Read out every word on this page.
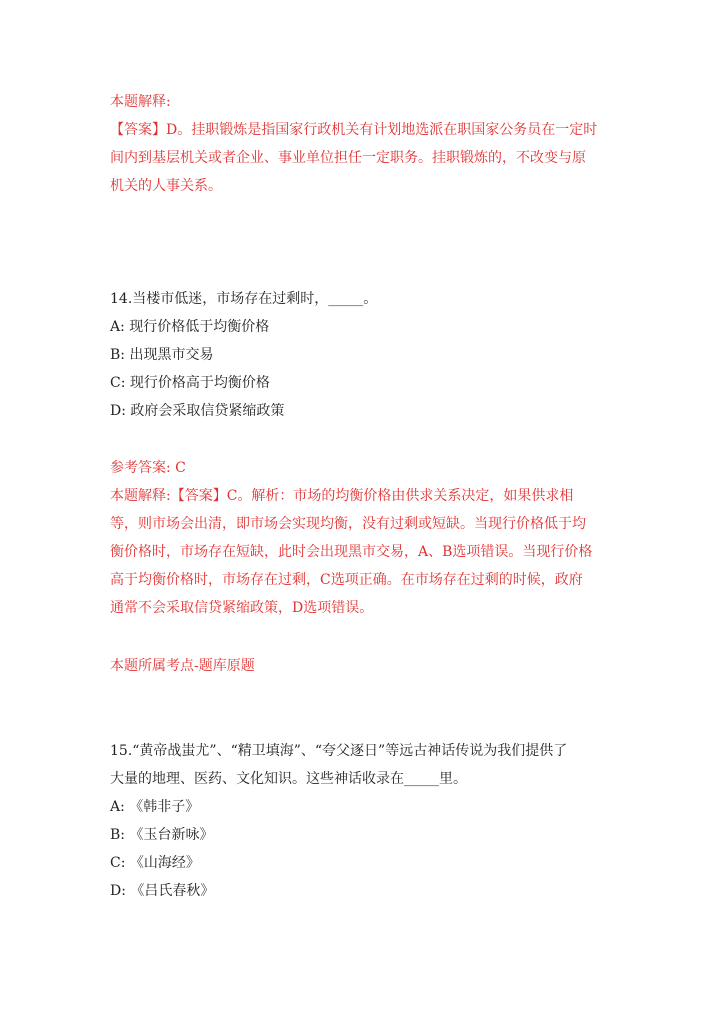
本题解释:
【答案】D。挂职锻炼是指国家行政机关有计划地选派在职国家公务员在一定时
间内到基层机关或者企业、事业单位担任一定职务。挂职锻炼的，不改变与原
机关的人事关系。
14.当楼市低迷，市场存在过剩时，_____。
A: 现行价格低于均衡价格
B: 出现黑市交易
C: 现行价格高于均衡价格
D: 政府会采取信贷紧缩政策
参考答案: C
本题解释:【答案】C。解析：市场的均衡价格由供求关系决定，如果供求相
等，则市场会出清，即市场会实现均衡，没有过剩或短缺。当现行价格低于均
衡价格时，市场存在短缺，此时会出现黑市交易，A、B选项错误。当现行价格
高于均衡价格时，市场存在过剩，C选项正确。在市场存在过剩的时候，政府
通常不会采取信贷紧缩政策，D选项错误。
本题所属考点-题库原题
15.“黄帝战蚩尤”、“精卫填海”、“夸父逐日”等远古神话传说为我们提供了
大量的地理、医药、文化知识。这些神话收录在_____里。
A: 《韩非子》
B: 《玉台新咏》
C: 《山海经》
D: 《吕氏春秋》
